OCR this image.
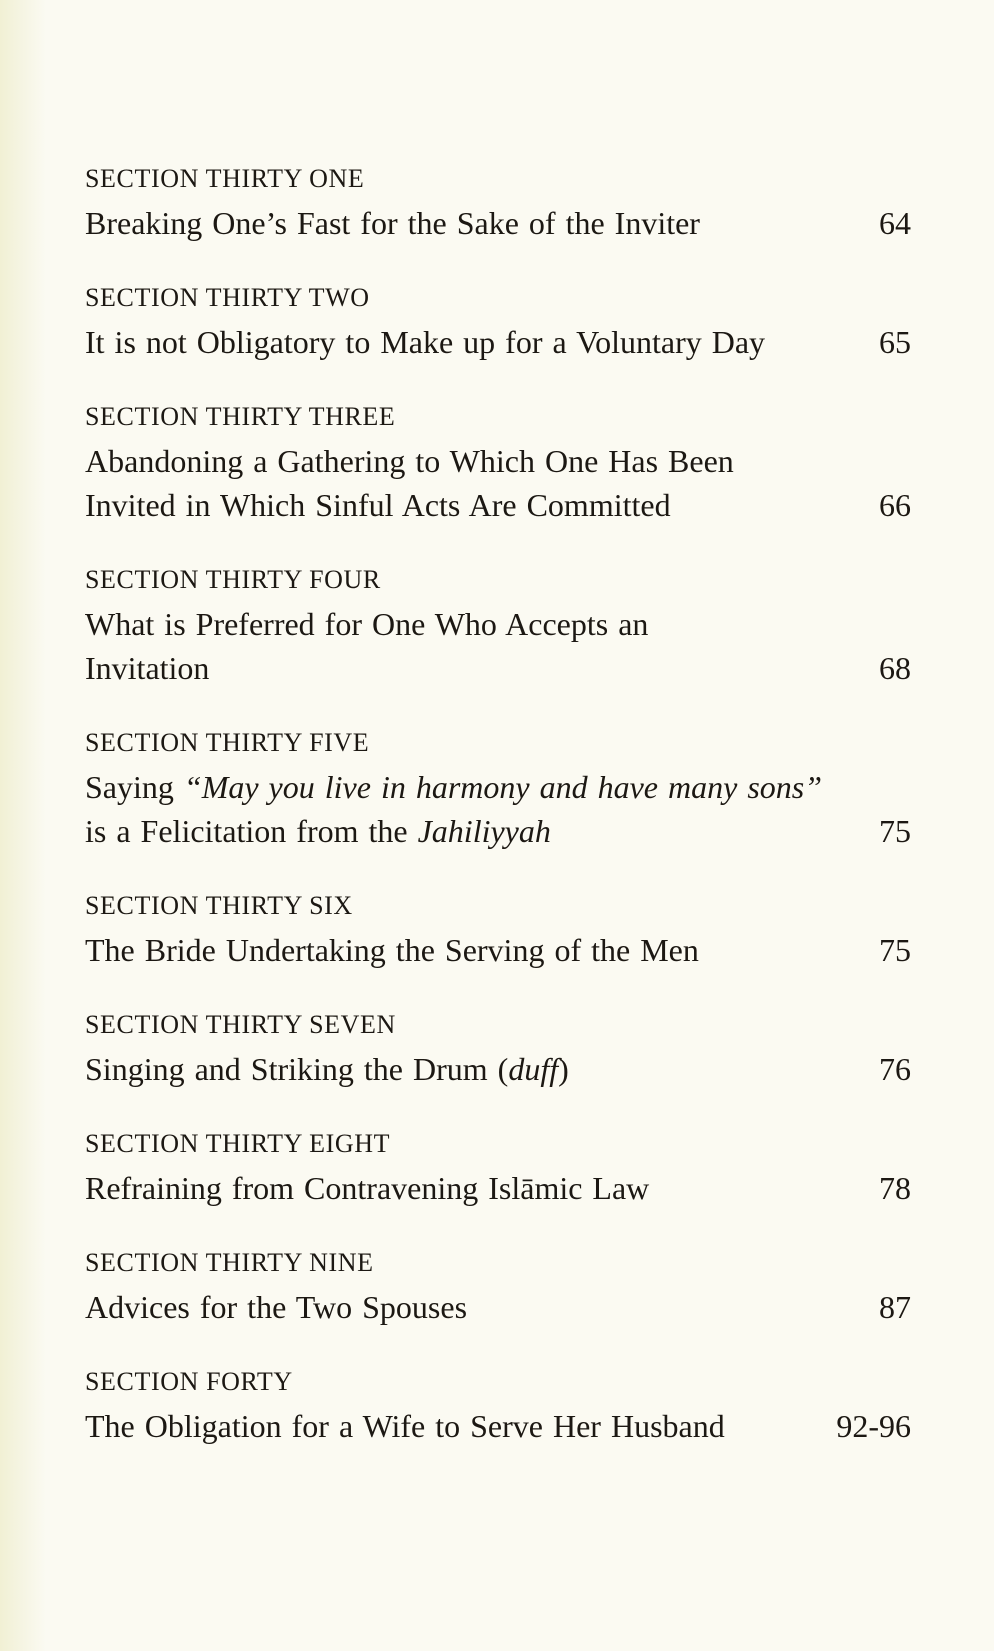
SECTION THIRTY ONE
Breaking One’s Fast for the Sake of the Inviter	64
SECTION THIRTY TWO
It is not Obligatory to Make up for a Voluntary Day	65
SECTION THIRTY THREE
Abandoning a Gathering to Which One Has Been
Invited in Which Sinful Acts Are Committed	66
SECTION THIRTY FOUR
What is Preferred for One Who Accepts an
Invitation	68
SECTION THIRTY FIVE
Saying “May you live in harmony and have many sons”
is a Felicitation from the Jahiliyyah	75
SECTION THIRTY SIX
The Bride Undertaking the Serving of the Men	75
SECTION THIRTY SEVEN
Singing and Striking the Drum (duff)	76
SECTION THIRTY EIGHT
Refraining from Contravening Islāmic Law	78
SECTION THIRTY NINE
Advices for the Two Spouses	87
SECTION FORTY
The Obligation for a Wife to Serve Her Husband	92-96
